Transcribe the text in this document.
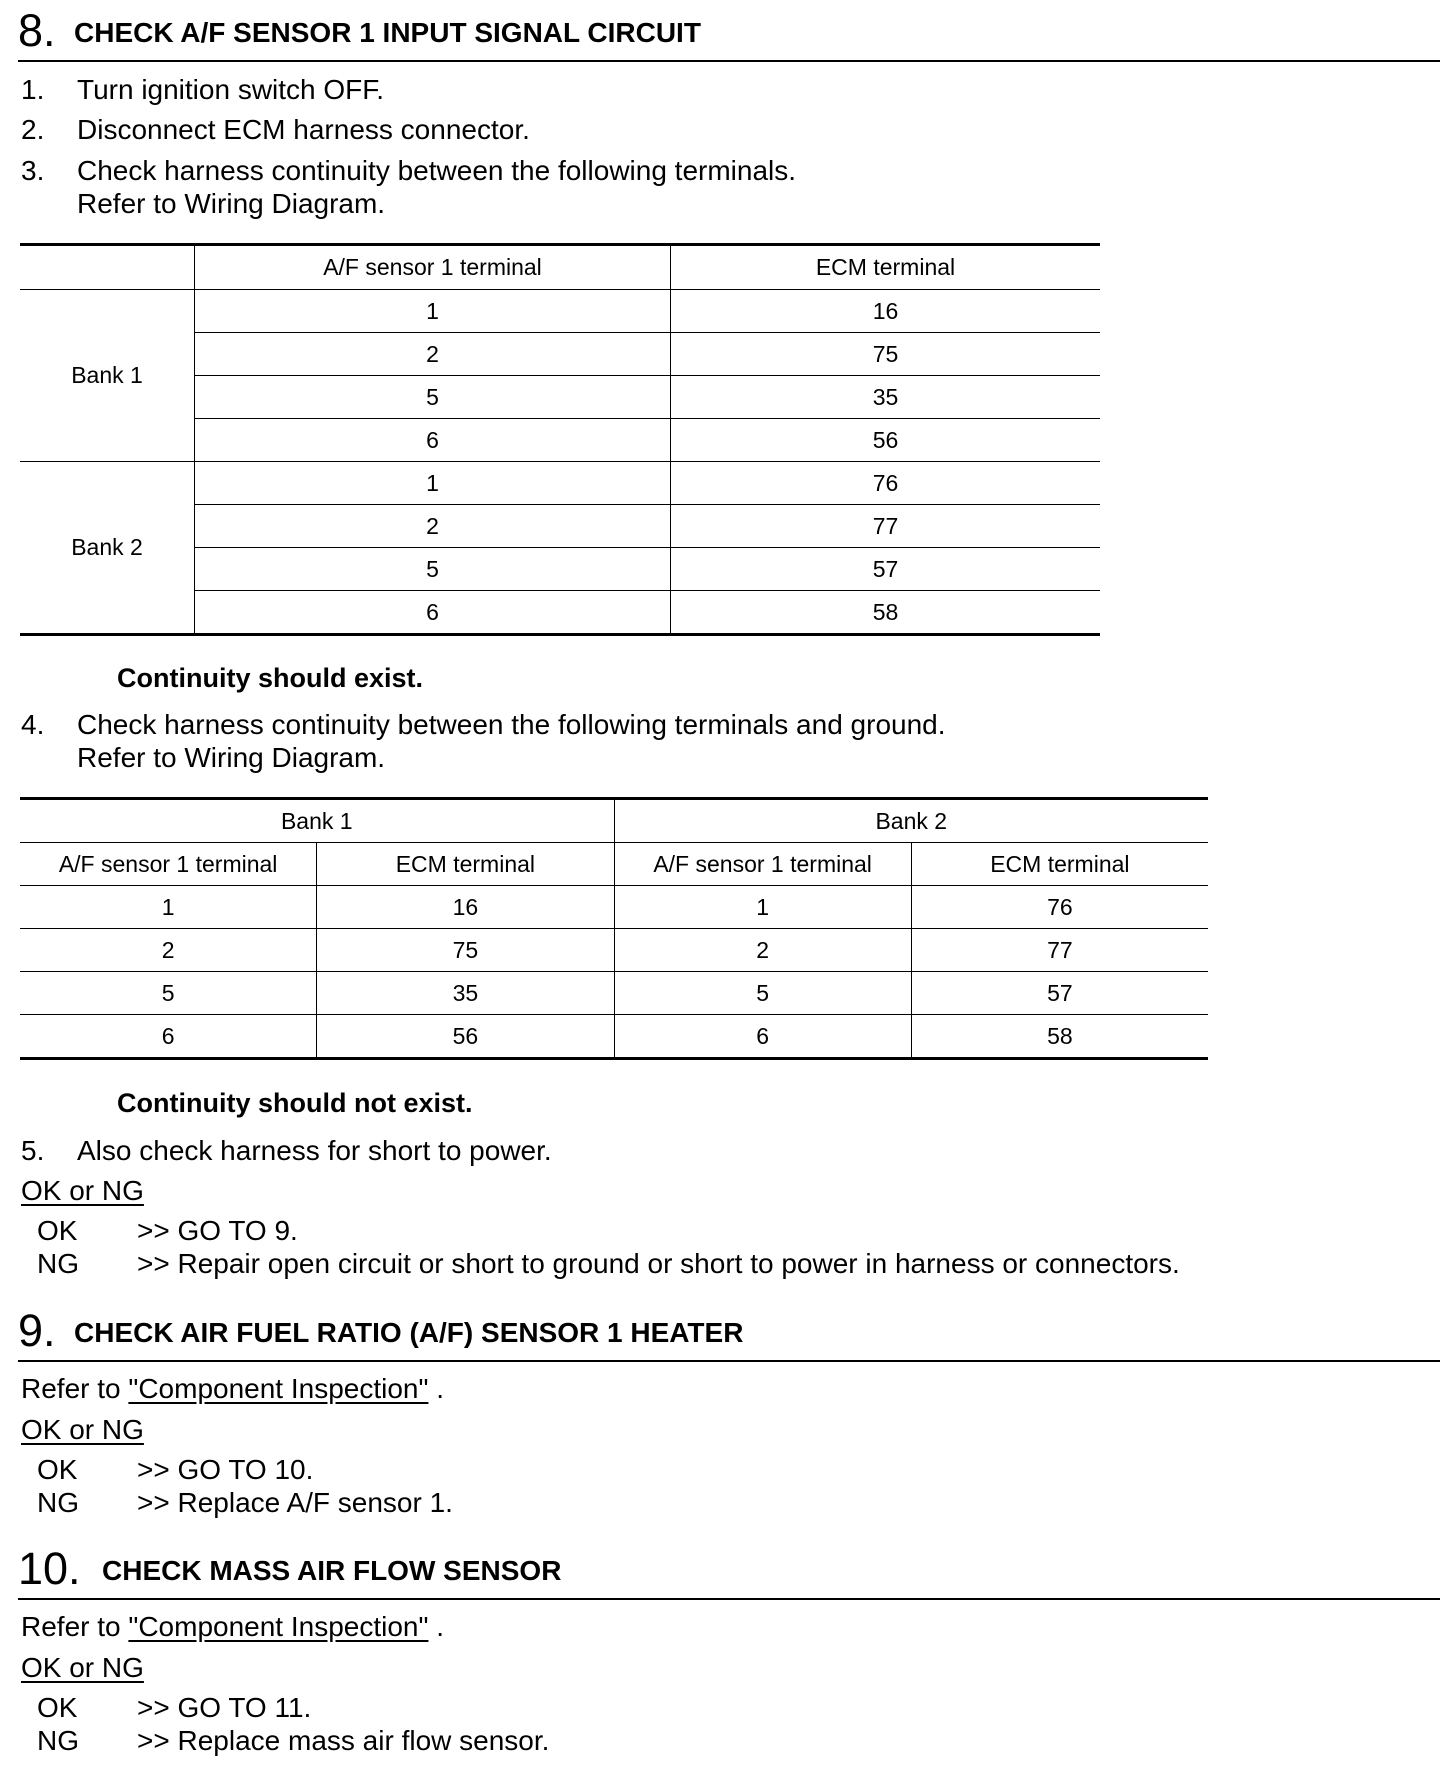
8. CHECK A/F SENSOR 1 INPUT SIGNAL CIRCUIT
1. Turn ignition switch OFF.
2. Disconnect ECM harness connector.
3. Check harness continuity between the following terminals.
Refer to Wiring Diagram.
	A/F sensor 1 terminal	ECM terminal
Bank 1	1	16
	2	75
	5	35
	6	56
Bank 2	1	76
	2	77
	5	57
	6	58
Continuity should exist.
4. Check harness continuity between the following terminals and ground.
Refer to Wiring Diagram.
Bank 1		Bank 2	
A/F sensor 1 terminal	ECM terminal	A/F sensor 1 terminal	ECM terminal
1	16	1	76
2	75	2	77
5	35	5	57
6	56	6	58
Continuity should not exist.
5. Also check harness for short to power.
OK or NG
OK >> GO TO 9.
NG >> Repair open circuit or short to ground or short to power in harness or connectors.
9. CHECK AIR FUEL RATIO (A/F) SENSOR 1 HEATER
Refer to "Component Inspection" .
OK or NG
OK >> GO TO 10.
NG >> Replace A/F sensor 1.
10. CHECK MASS AIR FLOW SENSOR
Refer to "Component Inspection" .
OK or NG
OK >> GO TO 11.
NG >> Replace mass air flow sensor.
